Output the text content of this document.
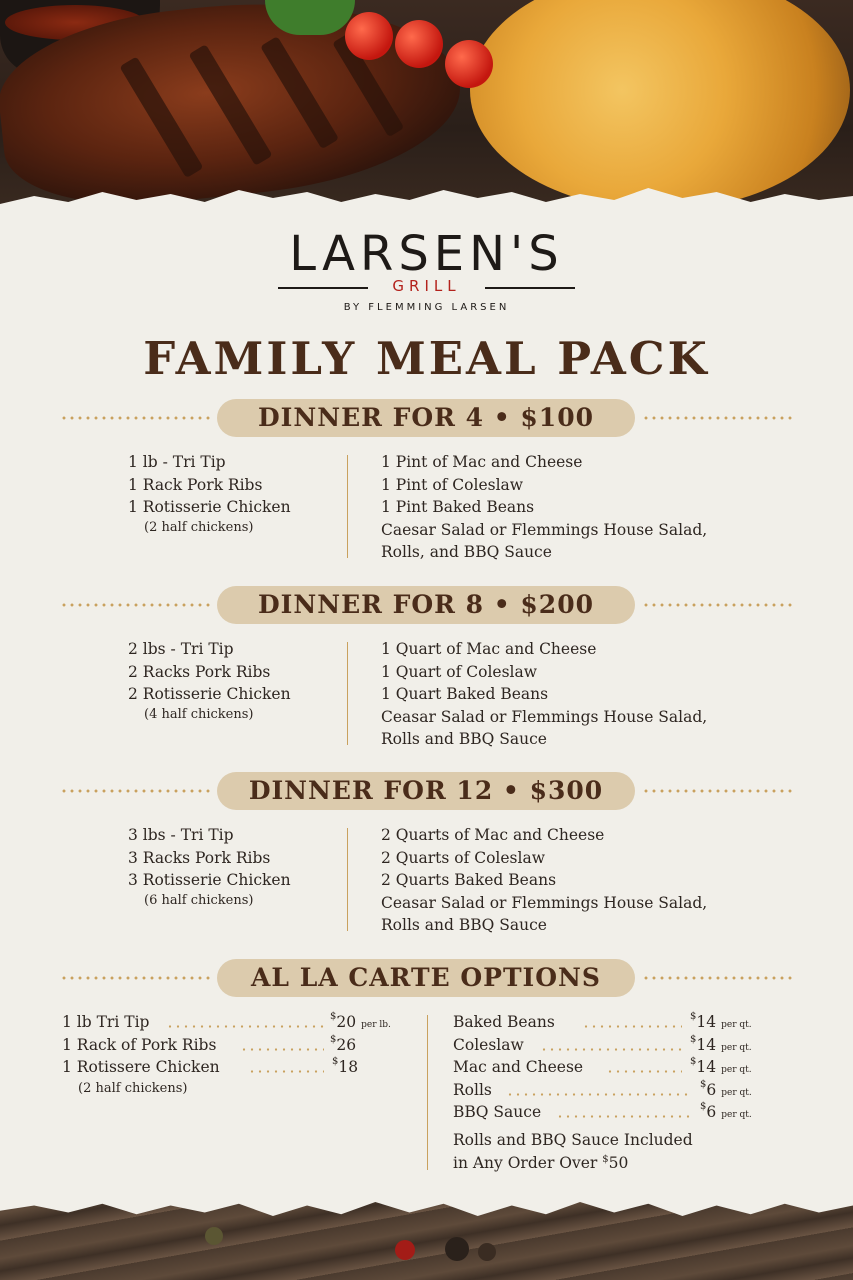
LARSEN'S
GRILL
BY FLEMMING LARSEN
FAMILY MEAL PACK
DINNER FOR 4 • $100
1 lb - Tri Tip
1 Rack Pork Ribs
1 Rotisserie Chicken
(2 half chickens)
1 Pint of Mac and Cheese
1 Pint of Coleslaw
1 Pint Baked Beans
Caesar Salad or Flemmings House Salad,
Rolls, and BBQ Sauce
DINNER FOR 8 • $200
2 lbs - Tri Tip
2 Racks Pork Ribs
2 Rotisserie Chicken
(4 half chickens)
1 Quart of Mac and Cheese
1 Quart of Coleslaw
1 Quart Baked Beans
Ceasar Salad or Flemmings House Salad,
Rolls and BBQ Sauce
DINNER FOR 12 • $300
3 lbs - Tri Tip
3 Racks Pork Ribs
3 Rotisserie Chicken
(6 half chickens)
2 Quarts of Mac and Cheese
2 Quarts of Coleslaw
2 Quarts Baked Beans
Ceasar Salad or Flemmings House Salad,
Rolls and BBQ Sauce
AL LA CARTE OPTIONS
1 lb Tri Tip	$20 per lb.
1 Rack of Pork Ribs	$26
1 Rotissere Chicken	$18
(2 half chickens)
Baked Beans	$14 per qt.
Coleslaw	$14 per qt.
Mac and Cheese	$14 per qt.
Rolls	$6 per qt.
BBQ Sauce	$6 per qt.
Rolls and BBQ Sauce Included
in Any Order Over $50
